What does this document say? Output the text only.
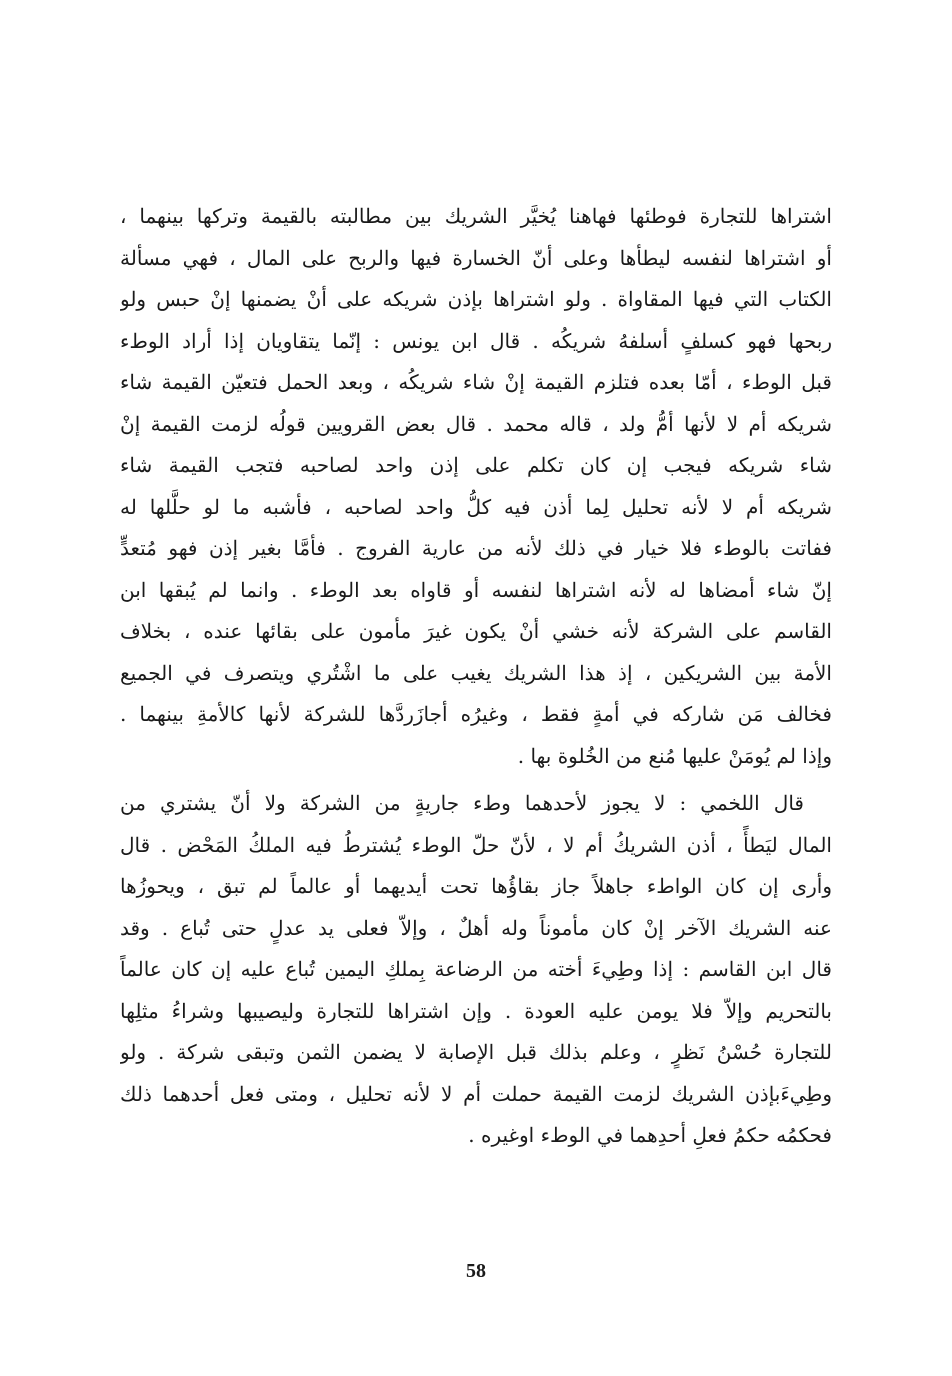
اشتراها للتجارة فوطئها فهاهنا يُخيَّر الشريك بين مطالبته بالقيمة وتركها بينهما ،
أو اشتراها لنفسه ليطأها وعلى أنّ الخسارة فيها والربح على المال ، فهي مسألة
الكتاب التي فيها المقاواة . ولو اشتراها بإذن شريكه على أنْ يضمنها إنْ حبس ولو
ربحها فهو كسلفٍ أسلفهُ شريكُه . قال ابن يونس : إنّما يتقاويان إذا أراد الوطء
قبل الوطء ، أمّا بعده فتلزم القيمة إنْ شاء شريكُه ، وبعد الحمل فتعيّن القيمة شاء
شريكه أم لا لأنها أمُّ ولد ، قاله محمد . قال بعض القرويين قولُه لزمت القيمة إنْ
شاء شريكه فيجب إن كان تكلم على إذن واحد لصاحبه فتجب القيمة شاء
شريكه أم لا لأنه تحليل لِما أذن فيه كلُّ واحد لصاحبه ، فأشبه ما لو حلَّلها له
ففاتت بالوطء فلا خيار في ذلك لأنه من عارية الفروج . فأمَّا بغير إذن فهو مُتعدٍّ
إنّ شاء أمضاها له لأنه اشتراها لنفسه أو قاواه بعد الوطء . وانما لم يُبقها ابن
القاسم على الشركة لأنه خشي أنْ يكون غيرَ مأمون على بقائها عنده ، بخلاف
الأمة بين الشريكين ، إذ هذا الشريك يغيب على ما اشْتُري ويتصرف في الجميع
فخالف مَن شاركه في أمةٍ فقط ، وغيرُه أجازَردَّها للشركة لأنها كالأمةِ بينهما .
وإذا لم يُومَنْ عليها مُنع من الخُلوة بها .
قال اللخمي : لا يجوز لأحدهما وطء جاريةٍ من الشركة ولا أنّ يشتري من
المال ليَطأً ، أذن الشريكُ أم لا ، لأنّ حلّ الوطء يُشترطُ فيه الملكُ المَحْض . قال
وأرى إن كان الواطء جاهلاً جاز بقاؤُها تحت أيديهما أو عالماً لم تبق ، ويحوزُها
عنه الشريك الآخر إنْ كان مأموناً وله أهلٌ ، وإلاّ فعلى يد عدلٍ حتى تُباع . وقد
قال ابن القاسم : إذا وطِيءَ أخته من الرضاعة بِملكِ اليمين تُباع عليه إن كان عالماً
بالتحريم وإلاّ فلا يومن عليه العودة . وإن اشتراها للتجارة وليصيبها وشراءُ مثلِها
للتجارة حُسْنُ نَظرٍ ، وعلم بذلك قبل الإصابة لا يضمن الثمن وتبقى شركة . ولو
وطِيءَبإذن الشريك لزمت القيمة حملت أم لا لأنه تحليل ، ومتى فعل أحدهما ذلك
فحكمُه حكمُ فعلِ أحدِهما في الوطء اوغيره .
58
